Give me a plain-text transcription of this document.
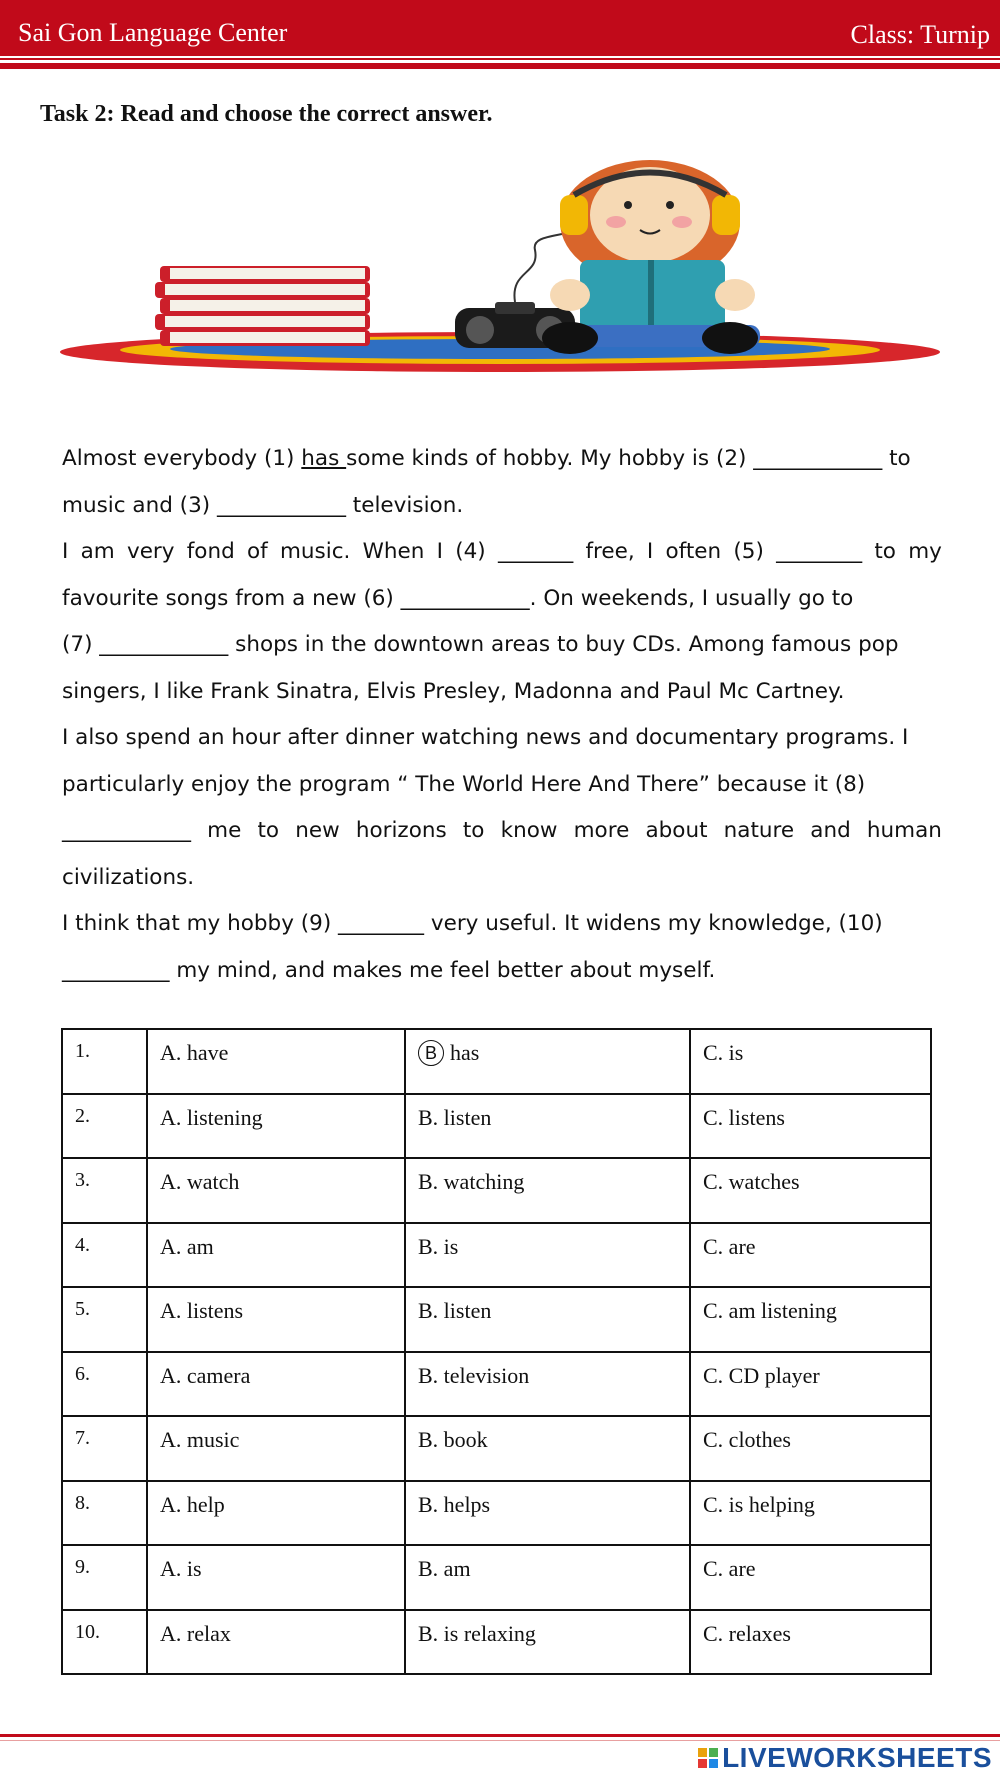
Sai Gon Language Center	Class: Turnip
Task 2: Read and choose the correct answer.
Almost everybody (1) has some kinds of hobby. My hobby is (2) ____________ to
music and (3) ____________ television.
I am very fond of music. When I (4) _______ free, I often (5) ________ to my
favourite songs from a new (6) ____________. On weekends, I usually go to
(7) ____________ shops in the downtown areas to buy CDs. Among famous pop
singers, I like Frank Sinatra, Elvis Presley, Madonna and Paul Mc Cartney.
I also spend an hour after dinner watching news and documentary programs. I
particularly enjoy the program “ The World Here And There” because it (8)
____________ me to new horizons to know more about nature and human
civilizations.
I think that my hobby (9) ________ very useful. It widens my knowledge, (10)
__________ my mind, and makes me feel better about myself.
1.	A. have	B has	C. is
2.	A. listening	B. listen	C. listens
3.	A. watch	B. watching	C. watches
4.	A. am	B. is	C. are
5.	A. listens	B. listen	C. am listening
6.	A. camera	B. television	C. CD player
7.	A. music	B. book	C. clothes
8.	A. help	B. helps	C. is helping
9.	A. is	B. am	C. are
10.	A. relax	B. is relaxing	C. relaxes
LIVEWORKSHEETS
